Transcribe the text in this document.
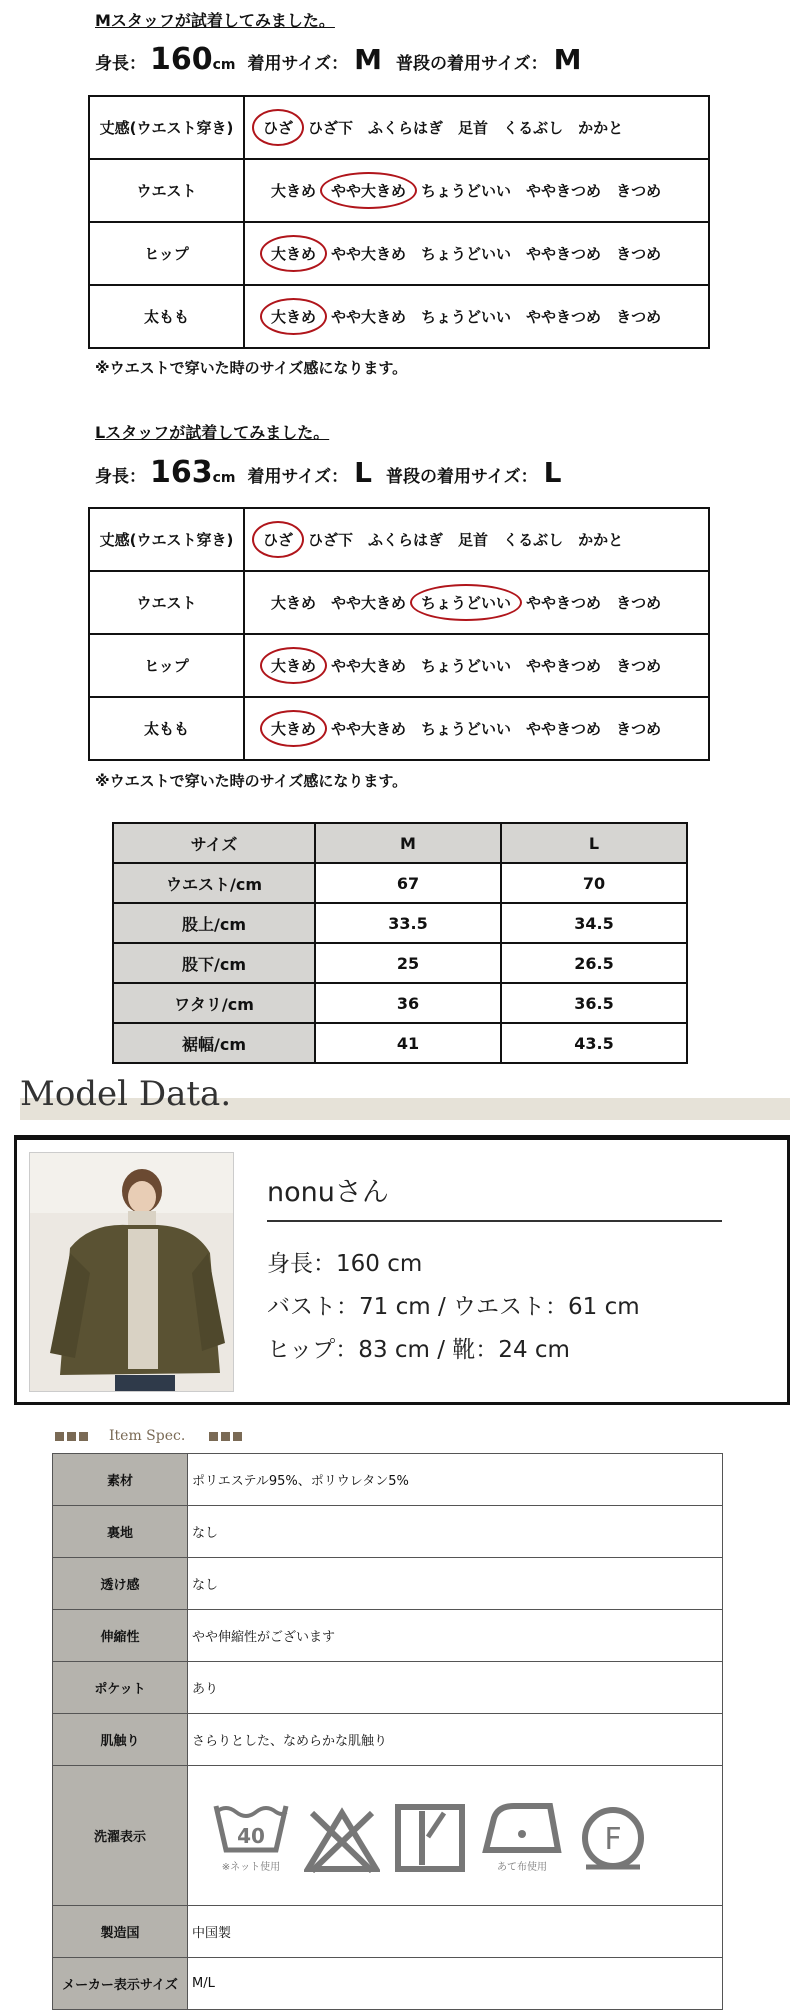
Mスタッフが試着してみました。
身長： 160 cm 着用サイズ： M 普段の着用サイズ： M
丈感(ウエスト穿き)	ひざ ひざ下 ふくらはぎ 足首 くるぶし かかと
ウエスト	大きめ やや大きめ ちょうどいい ややきつめ きつめ
ヒップ	大きめ やや大きめ ちょうどいい ややきつめ きつめ
太もも	大きめ やや大きめ ちょうどいい ややきつめ きつめ
※ウエストで穿いた時のサイズ感になります。
Lスタッフが試着してみました。
身長： 163 cm 着用サイズ： L 普段の着用サイズ： L
丈感(ウエスト穿き)	ひざ ひざ下 ふくらはぎ 足首 くるぶし かかと
ウエスト	大きめ やや大きめ ちょうどいい ややきつめ きつめ
ヒップ	大きめ やや大きめ ちょうどいい ややきつめ きつめ
太もも	大きめ やや大きめ ちょうどいい ややきつめ きつめ
※ウエストで穿いた時のサイズ感になります。
サイズ	M	L
ウエスト/cm	67	70
股上/cm	33.5	34.5
股下/cm	25	26.5
ワタリ/cm	36	36.5
裾幅/cm	41	43.5
Model Data.
nonuさん
身長：160 cm
バスト：71 cm / ウエスト：61 cm
ヒップ：83 cm / 靴：24 cm
Item Spec.
素材	ポリエステル95%、ポリウレタン5%
裏地	なし
透け感	なし
伸縮性	やや伸縮性がございます
ポケット	あり
肌触り	さらりとした、なめらかな肌触り
洗濯表示	40
※ネット使用 あて布使用
F

製造国	中国製
メーカー表示サイズ	M/L
